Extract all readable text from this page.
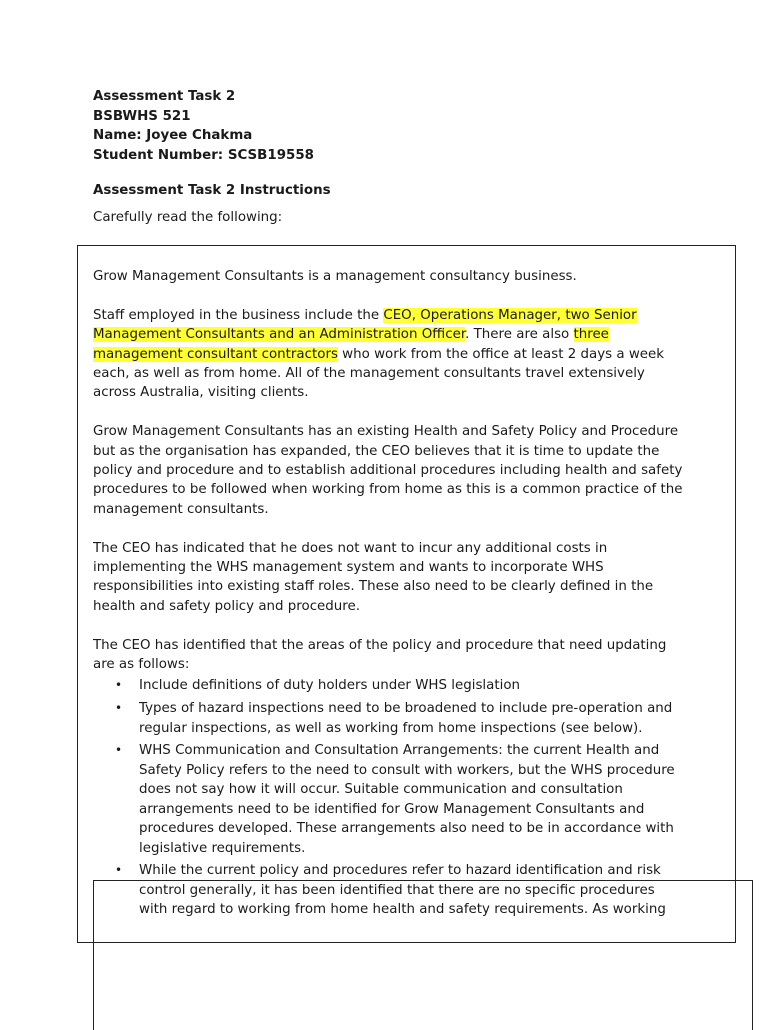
Assessment Task 2
BSBWHS 521
Name: Joyee Chakma
Student Number: SCSB19558
Assessment Task 2 Instructions
Carefully read the following:

Grow Management Consultants is a management consultancy business.

Staff employed in the business include the CEO, Operations Manager, two Senior Management Consultants and an Administration Officer. There are also three management consultant contractors who work from the office at least 2 days a week each, as well as from home. All of the management consultants travel extensively across Australia, visiting clients.

Grow Management Consultants has an existing Health and Safety Policy and Procedure but as the organisation has expanded, the CEO believes that it is time to update the policy and procedure and to establish additional procedures including health and safety procedures to be followed when working from home as this is a common practice of the management consultants.

The CEO has indicated that he does not want to incur any additional costs in implementing the WHS management system and wants to incorporate WHS responsibilities into existing staff roles. These also need to be clearly defined in the health and safety policy and procedure.

The CEO has identified that the areas of the policy and procedure that need updating are as follows:

• Include definitions of duty holders under WHS legislation
• Types of hazard inspections need to be broadened to include pre-operation and regular inspections, as well as working from home inspections (see below).
• WHS Communication and Consultation Arrangements: the current Health and Safety Policy refers to the need to consult with workers, but the WHS procedure does not say how it will occur. Suitable communication and consultation arrangements need to be identified for Grow Management Consultants and procedures developed. These arrangements also need to be in accordance with legislative requirements.
• While the current policy and procedures refer to hazard identification and risk control generally, it has been identified that there are no specific procedures with regard to working from home health and safety requirements. As working
